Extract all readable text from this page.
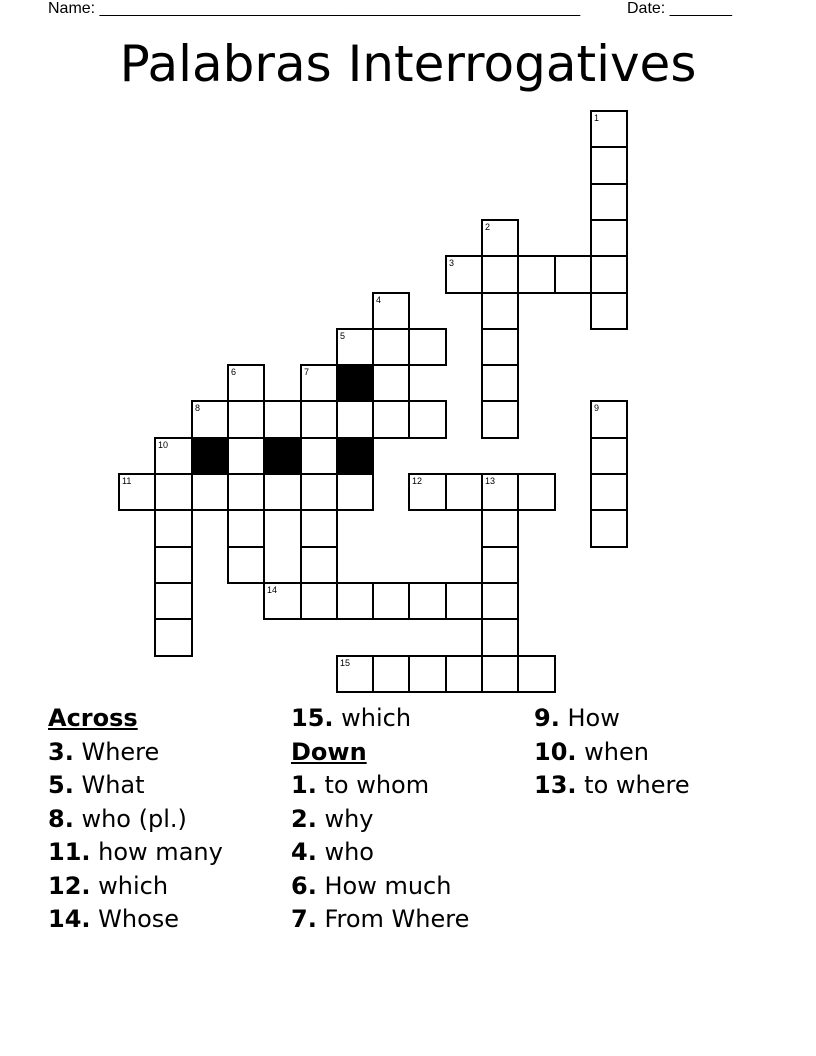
Name: ______________________________________________________	Date: _______
Palabras Interrogatives
1
2
3
4
5
6	7
8	9
10
11	12	13
14
15
Across
3. Where
5. What
8. who (pl.)
11. how many
12. which
14. Whose
15. which
Down
1. to whom
2. why
4. who
6. How much
7. From Where
9. How
10. when
13. to where
